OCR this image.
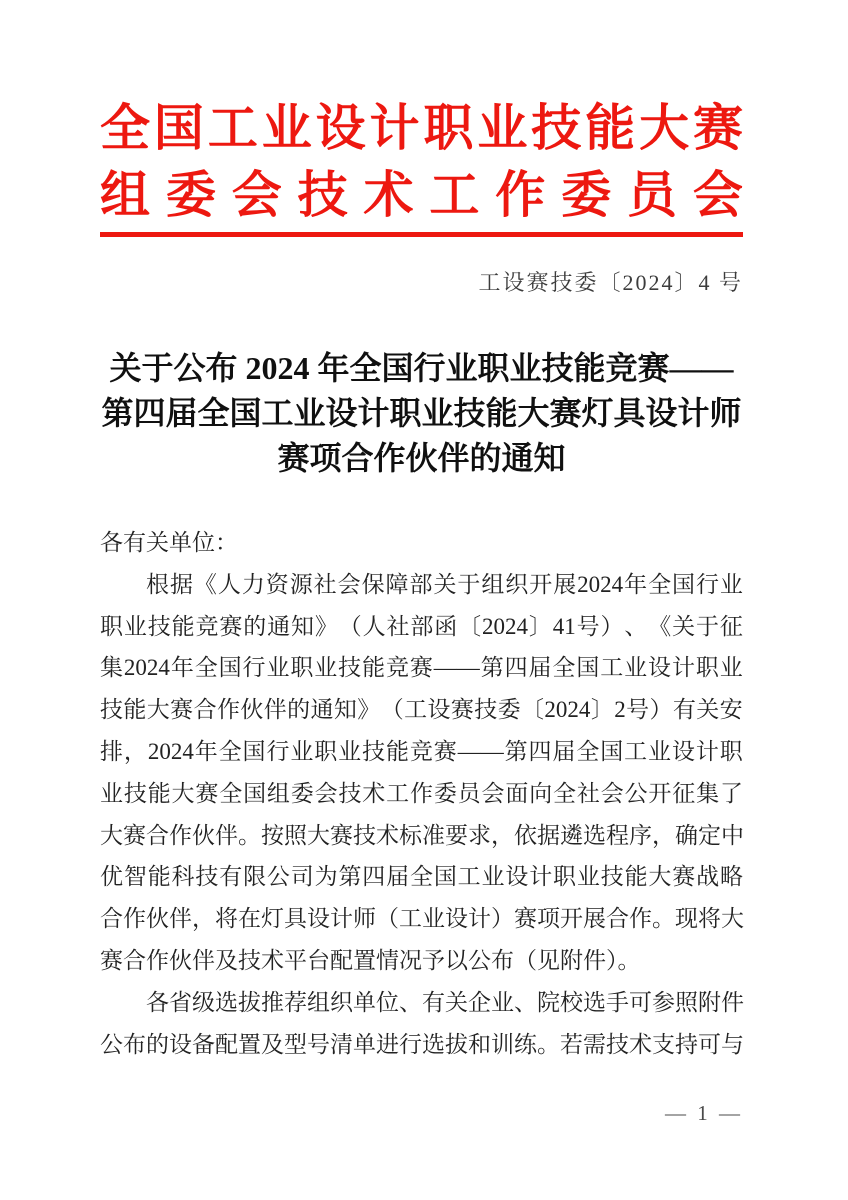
全 国 工 业 设 计 职 业 技 能 大 赛
组 委 会 技 术 工 作 委 员 会
工设赛技委〔2024〕4 号
关于公布 2024 年全国行业职业技能竞赛——
第四届全国工业设计职业技能大赛灯具设计师
赛项合作伙伴的通知
各有关单位：
根 据 《 人 力 资 源 社 会 保 障 部 关 于 组 织 开 展 2024 年 全 国 行 业
职 业 技 能 竞 赛 的 通 知 》 （ 人 社 部 函 〔 2024 〕 41 号 ） 、 《 关 于 征
集 2024 年 全 国 行 业 职 业 技 能 竞 赛 —— 第 四 届 全 国 工 业 设 计 职 业
技 能 大 赛 合 作 伙 伴 的 通 知 》 （ 工 设 赛 技 委 〔 2024 〕 2 号 ） 有 关 安
排 ， 2024 年 全 国 行 业 职 业 技 能 竞 赛 —— 第 四 届 全 国 工 业 设 计 职
业 技 能 大 赛 全 国 组 委 会 技 术 工 作 委 员 会 面 向 全 社 会 公 开 征 集 了
大 赛 合 作 伙 伴 。 按 照 大 赛 技 术 标 准 要 求 ， 依 据 遴 选 程 序 ， 确 定 中
优 智 能 科 技 有 限 公 司 为 第 四 届 全 国 工 业 设 计 职 业 技 能 大 赛 战 略
合 作 伙 伴 ， 将 在 灯 具 设 计 师 （ 工 业 设 计 ） 赛 项 开 展 合 作 。 现 将 大
赛合作伙伴及技术平台配置情况予以公布（见附件）。
各 省 级 选 拔 推 荐 组 织 单 位 、 有 关 企 业 、 院 校 选 手 可 参 照 附 件
公 布 的 设 备 配 置 及 型 号 清 单 进 行 选 拔 和 训 练 。 若 需 技 术 支 持 可 与
— 1 —
